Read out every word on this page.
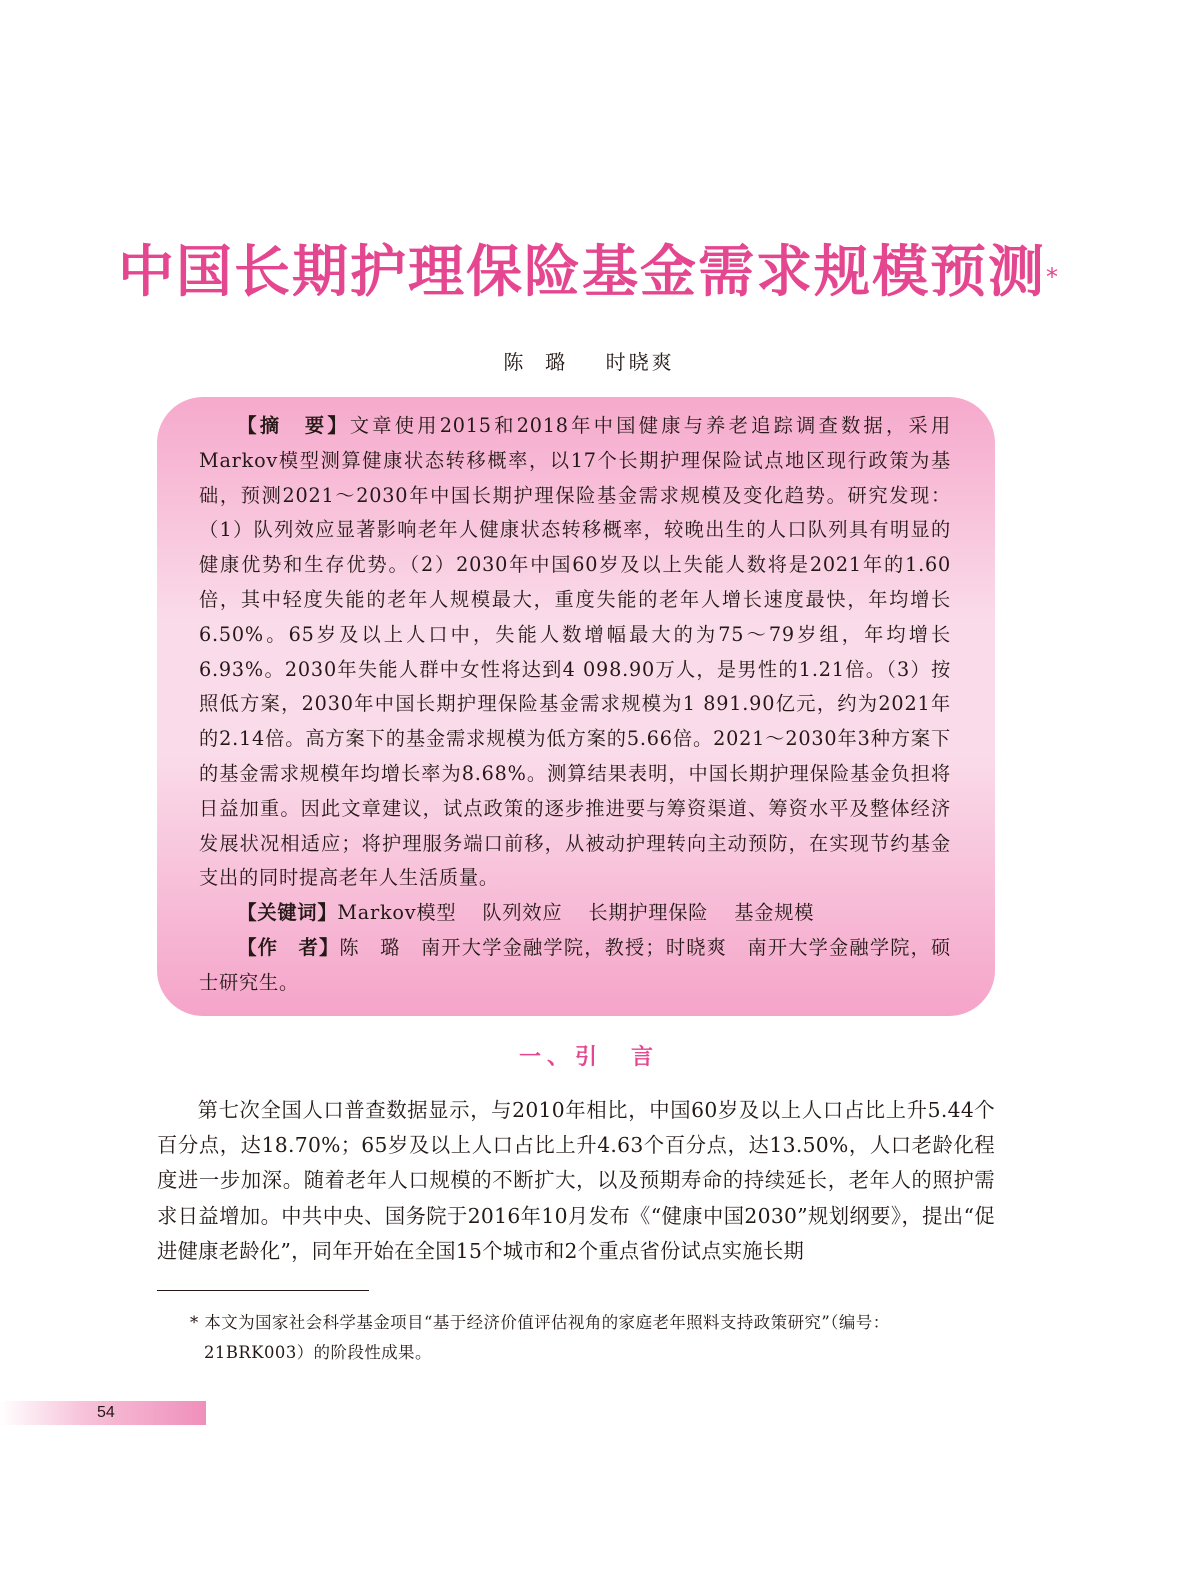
中国长期护理保险基金需求规模预测*
陈  璐    时晓爽

【摘　要】文章使用2015和2018年中国健康与养老追踪调查数据，采用Markov模型测算健康状态转移概率，以17个长期护理保险试点地区现行政策为基础，预测2021～2030年中国长期护理保险基金需求规模及变化趋势。研究发现：（1）队列效应显著影响老年人健康状态转移概率，较晚出生的人口队列具有明显的健康优势和生存优势。（2）2030年中国60岁及以上失能人数将是2021年的1.60倍，其中轻度失能的老年人规模最大，重度失能的老年人增长速度最快，年均增长6.50%。65岁及以上人口中，失能人数增幅最大的为75～79岁组，年均增长6.93%。2030年失能人群中女性将达到4 098.90万人，是男性的1.21倍。（3）按照低方案，2030年中国长期护理保险基金需求规模为1 891.90亿元，约为2021年的2.14倍。高方案下的基金需求规模为低方案的5.66倍。2021～2030年3种方案下的基金需求规模年均增长率为8.68%。测算结果表明，中国长期护理保险基金负担将日益加重。因此文章建议，试点政策的逐步推进要与筹资渠道、筹资水平及整体经济发展状况相适应；将护理服务端口前移，从被动护理转向主动预防，在实现节约基金支出的同时提高老年人生活质量。

【关键词】Markov模型 队列效应 长期护理保险 基金规模

【作　者】陈　璐　南开大学金融学院，教授；时晓爽　南开大学金融学院，硕士研究生。

一、引　言

第七次全国人口普查数据显示，与2010年相比，中国60岁及以上人口占比上升5.44个百分点，达18.70%；65岁及以上人口占比上升4.63个百分点，达13.50%，人口老龄化程度进一步加深。随着老年人口规模的不断扩大，以及预期寿命的持续延长，老年人的照护需求日益增加。中共中央、国务院于2016年10月发布《“健康中国2030”规划纲要》，提出“促进健康老龄化”，同年开始在全国15个城市和2个重点省份试点实施长期

* 本文为国家社会科学基金项目“基于经济价值评估视角的家庭老年照料支持政策研究”（编号：
21BRK003）的阶段性成果。

54
